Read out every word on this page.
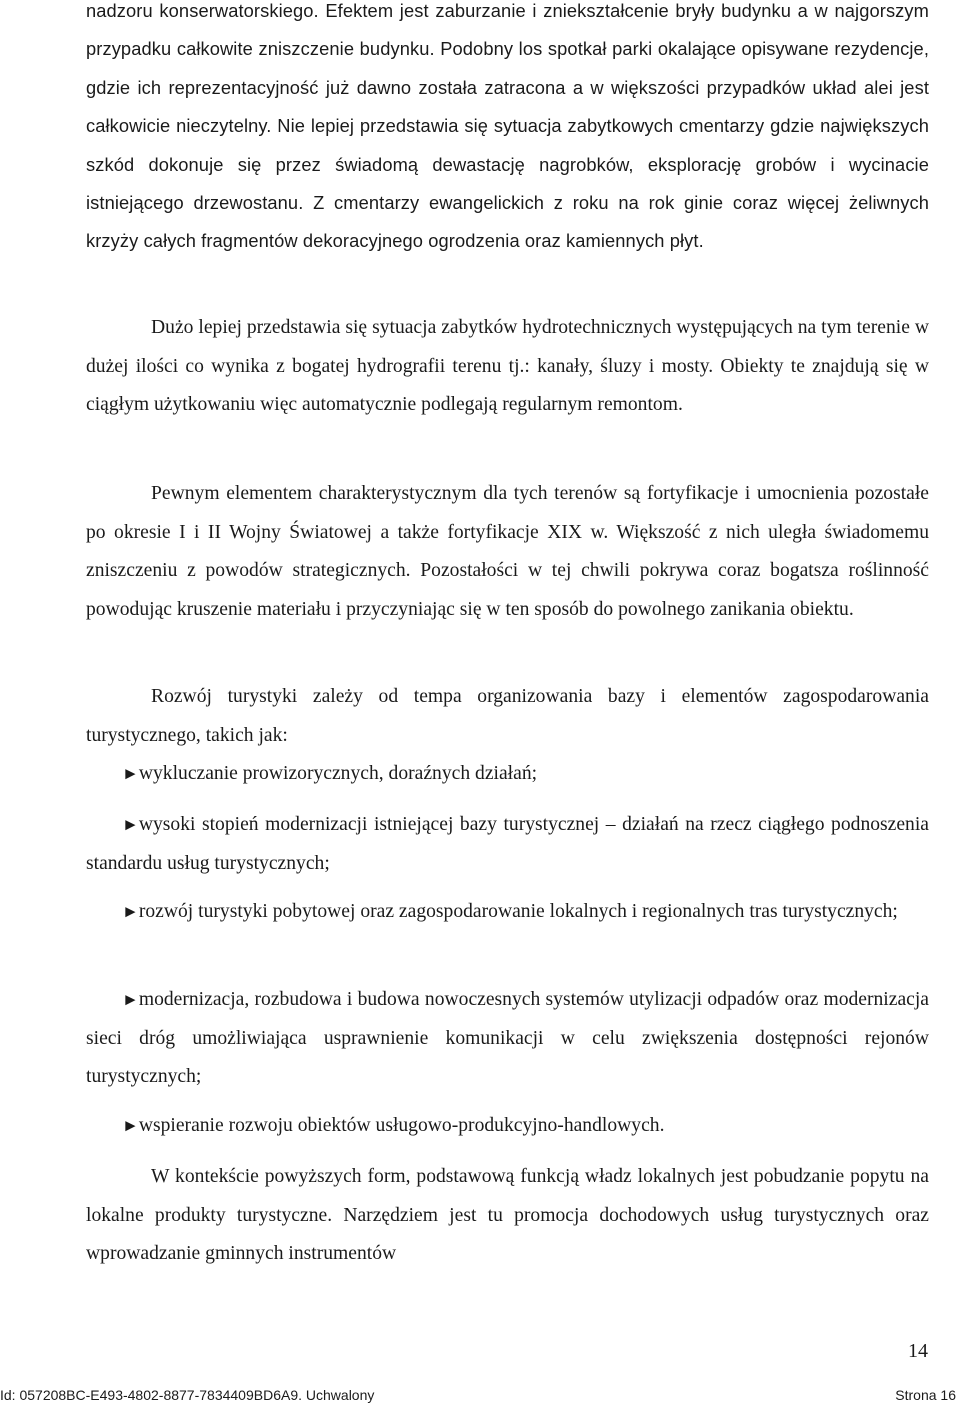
nadzoru konserwatorskiego. Efektem jest zaburzanie i zniekształcenie bryły budynku a w najgorszym przypadku całkowite zniszczenie budynku. Podobny los spotkał parki okalające opisywane rezydencje, gdzie ich reprezentacyjność już dawno została zatracona a w większości przypadków układ alei jest całkowicie nieczytelny. Nie lepiej przedstawia się sytuacja zabytkowych cmentarzy gdzie największych szkód dokonuje się przez świadomą dewastację nagrobków, eksplorację grobów i wycinacie istniejącego drzewostanu. Z cmentarzy ewangelickich z roku na rok ginie coraz więcej żeliwnych krzyży całych fragmentów dekoracyjnego ogrodzenia oraz kamiennych płyt.

Dużo lepiej przedstawia się sytuacja zabytków hydrotechnicznych występujących na tym terenie w dużej ilości co wynika z bogatej hydrografii terenu tj.: kanały, śluzy i mosty. Obiekty te znajdują się w ciągłym użytkowaniu więc automatycznie podlegają regularnym remontom.

Pewnym elementem charakterystycznym dla tych terenów są fortyfikacje i umocnienia pozostałe po okresie I i II Wojny Światowej a także fortyfikacje XIX w. Większość z nich uległa świadomemu zniszczeniu z powodów strategicznych. Pozostałości w tej chwili pokrywa coraz bogatsza roślinność powodując kruszenie materiału i przyczyniając się w ten sposób do powolnego zanikania obiektu.

Rozwój turystyki zależy od tempa organizowania bazy i elementów zagospodarowania turystycznego, takich jak:

►wykluczanie prowizorycznych, doraźnych działań;

►wysoki stopień modernizacji istniejącej bazy turystycznej – działań na rzecz ciągłego podnoszenia standardu usług turystycznych;

►rozwój turystyki pobytowej oraz zagospodarowanie lokalnych i regionalnych tras turystycznych;

►modernizacja, rozbudowa i budowa nowoczesnych systemów utylizacji odpadów oraz modernizacja sieci dróg umożliwiająca usprawnienie komunikacji w celu zwiększenia dostępności rejonów turystycznych;

►wspieranie rozwoju obiektów usługowo-produkcyjno-handlowych.

W kontekście powyższych form, podstawową funkcją władz lokalnych jest pobudzanie popytu na lokalne produkty turystyczne. Narzędziem jest tu promocja dochodowych usług turystycznych oraz wprowadzanie gminnych instrumentów

14
Id: 057208BC-E493-4802-8877-7834409BD6A9. Uchwalony	Strona 16
